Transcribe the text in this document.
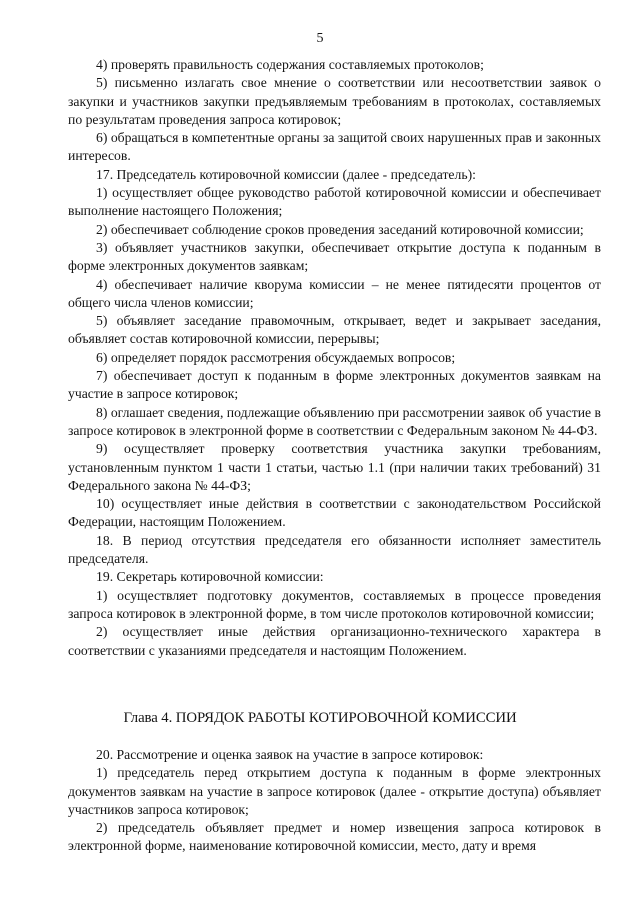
5

4) проверять правильность содержания составляемых протоколов;

5) письменно излагать свое мнение о соответствии или несоответствии заявок о закупки и участников закупки предъявляемым требованиям в протоколах, составляемых по результатам проведения запроса котировок;

6) обращаться в компетентные органы за защитой своих нарушенных прав и законных интересов.

17. Председатель котировочной комиссии (далее - председатель):

1) осуществляет общее руководство работой котировочной комиссии и обеспечивает выполнение настоящего Положения;

2) обеспечивает соблюдение сроков проведения заседаний котировочной комиссии;

3) объявляет участников закупки, обеспечивает открытие доступа к поданным в форме электронных документов заявкам;

4) обеспечивает наличие кворума комиссии – не менее пятидесяти процентов от общего числа членов комиссии;

5) объявляет заседание правомочным, открывает, ведет и закрывает заседания, объявляет состав котировочной комиссии, перерывы;

6) определяет порядок рассмотрения обсуждаемых вопросов;

7) обеспечивает доступ к поданным в форме электронных документов заявкам на участие в запросе котировок;

8) оглашает сведения, подлежащие объявлению при рассмотрении заявок об участие в запросе котировок в электронной форме в соответствии с Федеральным законом № 44-ФЗ.

9) осуществляет проверку соответствия участника закупки требованиям, установленным пунктом 1 части 1 статьи, частью 1.1 (при наличии таких требований) 31 Федерального закона № 44-ФЗ;

10) осуществляет иные действия в соответствии с законодательством Российской Федерации, настоящим Положением.

18. В период отсутствия председателя его обязанности исполняет заместитель председателя.

19. Секретарь котировочной комиссии:

1) осуществляет подготовку документов, составляемых в процессе проведения запроса котировок в электронной форме, в том числе протоколов котировочной комиссии;

2) осуществляет иные действия организационно-технического характера в соответствии с указаниями председателя и настоящим Положением.

Глава 4. ПОРЯДОК РАБОТЫ КОТИРОВОЧНОЙ КОМИССИИ

20. Рассмотрение и оценка заявок на участие в запросе котировок:

1) председатель перед открытием доступа к поданным в форме электронных документов заявкам на участие в запросе котировок (далее - открытие доступа) объявляет участников запроса котировок;

2) председатель объявляет предмет и номер извещения запроса котировок в электронной форме, наименование котировочной комиссии, место, дату и время
